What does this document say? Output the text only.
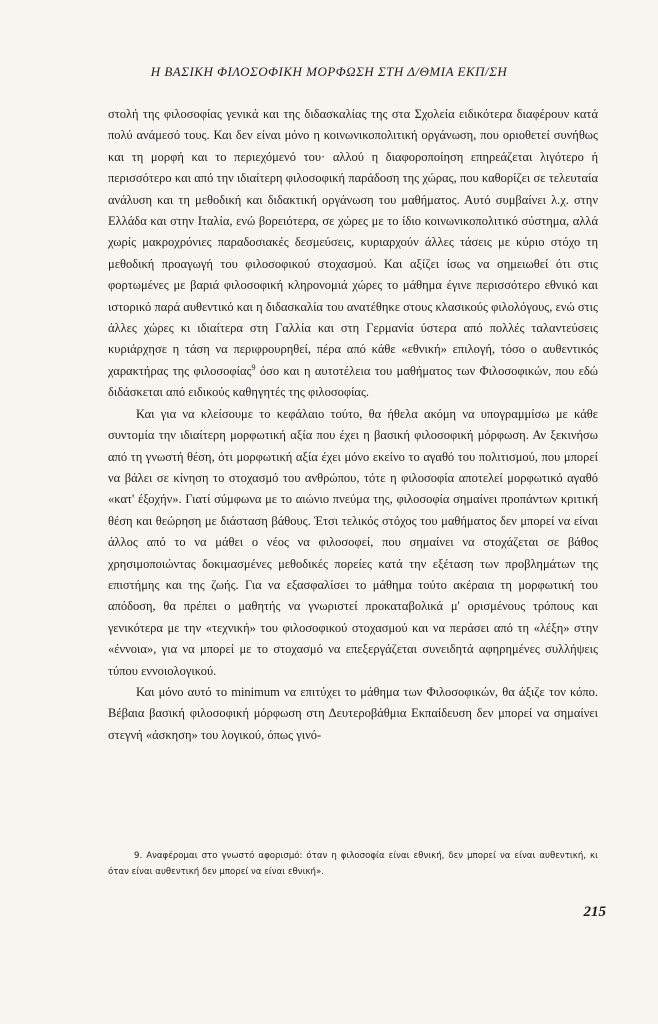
Η ΒΑΣΙΚΗ ΦΙΛΟΣΟΦΙΚΗ ΜΟΡΦΩΣΗ ΣΤΗ Δ/ΘΜΙΑ ΕΚΠ/ΣΗ

στολή της φιλοσοφίας γενικά και της διδασκαλίας της στα Σχολεία ειδικότερα διαφέρουν κατά πολύ ανάμεσό τους. Και δεν είναι μόνο η κοινωνικοπολιτική οργάνωση, που οριοθετεί συνήθως και τη μορφή και το περιεχόμενό του· αλλού η διαφοροποίηση επηρεάζεται λιγότερο ή περισσότερο και από την ιδιαίτερη φιλοσοφική παράδοση της χώρας, που καθορίζει σε τελευταία ανάλυση και τη μεθοδική και διδακτική οργάνωση του μαθήματος. Αυτό συμβαίνει λ.χ. στην Ελλάδα και στην Ιταλία, ενώ βορειότερα, σε χώρες με το ίδιο κοινωνικοπολιτικό σύστημα, αλλά χωρίς μακροχρόνιες παραδοσιακές δεσμεύσεις, κυριαρχούν άλλες τάσεις με κύριο στόχο τη μεθοδική προαγωγή του φιλοσοφικού στοχασμού. Και αξίζει ίσως να σημειωθεί ότι στις φορτωμένες με βαριά φιλοσοφική κληρονομιά χώρες το μάθημα έγινε περισσότερο εθνικό και ιστορικό παρά αυθεντικό και η διδασκαλία του ανατέθηκε στους κλασικούς φιλολόγους, ενώ στις άλλες χώρες κι ιδιαίτερα στη Γαλλία και στη Γερμανία ύστερα από πολλές ταλαντεύσεις κυριάρχησε η τάση να περιφρουρηθεί, πέρα από κάθε «εθνική» επιλογή, τόσο ο αυθεντικός χαρακτήρας της φιλοσοφίας$^9$ όσο και η αυτοτέλεια του μαθήματος των Φιλοσοφικών, που εδώ διδάσκεται από ειδικούς καθηγητές της φιλοσοφίας.

Και για να κλείσουμε το κεφάλαιο τούτο, θα ήθελα ακόμη να υπογραμμίσω με κάθε συντομία την ιδιαίτερη μορφωτική αξία που έχει η βασική φιλοσοφική μόρφωση. Αν ξεκινήσω από τη γνωστή θέση, ότι μορφωτική αξία έχει μόνο εκείνο το αγαθό του πολιτισμού, που μπορεί να βάλει σε κίνηση το στοχασμό του ανθρώπου, τότε η φιλοσοφία αποτελεί μορφωτικό αγαθό «κατ' έξοχήν». Γιατί σύμφωνα με το αιώνιο πνεύμα της, φιλοσοφία σημαίνει προπάντων κριτική θέση και θεώρηση με διάσταση βάθους. Έτσι τελικός στόχος του μαθήματος δεν μπορεί να είναι άλλος από το να μάθει ο νέος να φιλοσοφεί, που σημαίνει να στοχάζεται σε βάθος χρησιμοποιώντας δοκιμασμένες μεθοδικές πορείες κατά την εξέταση των προβλημάτων της επιστήμης και της ζωής. Για να εξασφαλίσει το μάθημα τούτο ακέραια τη μορφωτική του απόδοση, θα πρέπει ο μαθητής να γνωριστεί προκαταβολικά μ' ορισμένους τρόπους και γενικότερα με την «τεχνική» του φιλοσοφικού στοχασμού και να περάσει από τη «λέξη» στην «έννοια», για να μπορεί με το στοχασμό να επεξεργάζεται συνειδητά αφηρημένες συλλήψεις τύπου εννοιολογικού.

Και μόνο αυτό το minimum να επιτύχει το μάθημα των Φιλοσοφικών, θα άξιζε τον κόπο. Βέβαια βασική φιλοσοφική μόρφωση στη Δευτεροβάθμια Εκπαίδευση δεν μπορεί να σημαίνει στεγνή «άσκηση» του λογικού, όπως γινό-

9. Αναφέρομαι στο γνωστό αφορισμό: όταν η φιλοσοφία είναι εθνική, δεν μπορεί να είναι αυθεντική, κι όταν είναι αυθεντική δεν μπορεί να είναι εθνική».

215
